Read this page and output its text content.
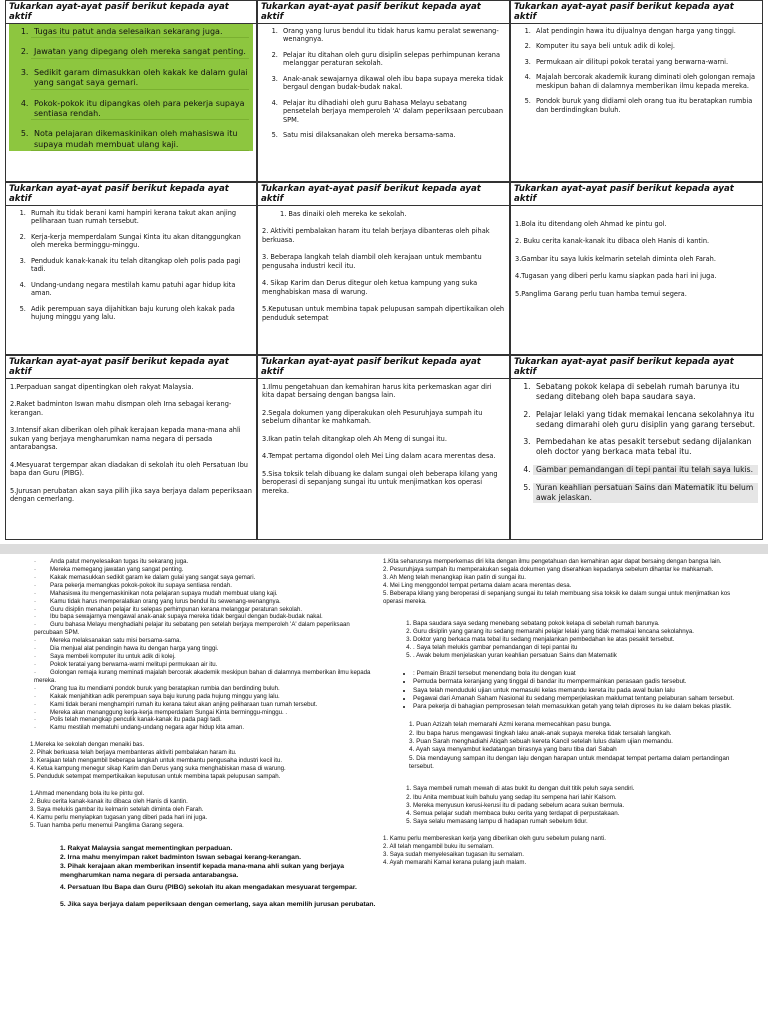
Tukarkan ayat-ayat pasif berikut kepada ayat aktif
1. Tugas itu patut anda selesaikan sekarang juga.
2. Jawatan yang dipegang oleh mereka sangat penting.
3. Sedikit garam dimasukkan oleh kakak ke dalam gulai yang sangat saya gemari.
4. Pokok-pokok itu dipangkas oleh para pekerja supaya sentiasa rendah.
5. Nota pelajaran dikemaskinikan oleh mahasiswa itu supaya mudah membuat ulang kaji.
Tukarkan ayat-ayat pasif berikut kepada ayat aktif
1. Orang yang lurus bendul itu tidak harus kamu peralat sewenang-wenangnya.
2. Pelajar itu ditahan oleh guru disiplin selepas perhimpunan kerana melanggar peraturan sekolah.
3. Anak-anak sewajarnya dikawal oleh ibu bapa supaya mereka tidak bergaul dengan budak-budak nakal.
4. Pelajar itu dihadiahi oleh guru Bahasa Melayu sebatang pensetelah berjaya memperoleh 'A' dalam peperiksaan percubaan SPM.
5. Satu misi dilaksanakan oleh mereka bersama-sama.
Tukarkan ayat-ayat pasif berikut kepada ayat aktif
1. Alat pendingin hawa itu dijualnya dengan harga yang tinggi.
2. Komputer itu saya beli untuk adik di kolej.
3. Permukaan air dilitupi pokok teratai yang berwarna-warni.
4. Majalah bercorak akademik kurang diminati oleh golongan remaja meskipun bahan di dalamnya memberikan ilmu kepada mereka.
5. Pondok buruk yang didiami oleh orang tua itu beratapkan rumbia dan berdindingkan buluh.
Tukarkan ayat-ayat pasif berikut kepada ayat aktif
1. Rumah itu tidak berani kami hampiri kerana takut akan anjing peliharaan tuan rumah tersebut.
2. Kerja-kerja memperdalam Sungai Kinta itu akan ditanggungkan oleh mereka berminggu-minggu.
3. Penduduk kanak-kanak itu telah ditangkap oleh polis pada pagi tadi.
4. Undang-undang negara mestilah kamu patuhi agar hidup kita aman.
5. Adik perempuan saya dijahitkan baju kurung oleh kakak pada hujung minggu yang lalu.
Tukarkan ayat-ayat pasif berikut kepada ayat aktif

1. Bas dinaiki oleh mereka ke sekolah.

2. Aktiviti pembalakan haram itu telah berjaya dibanteras oleh pihak berkuasa.

3. Beberapa langkah telah diambil oleh kerajaan untuk membantu pengusaha industri kecil itu.

4. Sikap Karim dan Derus ditegur oleh ketua kampung yang suka menghabiskan masa di warung.

5.Keputusan untuk membina tapak pelupusan sampah dipertikaikan oleh penduduk setempat

Tukarkan ayat-ayat pasif berikut kepada ayat aktif

1.Bola itu ditendang oleh Ahmad ke pintu gol.

2. Buku cerita kanak-kanak itu dibaca oleh Hanis di kantin.

3.Gambar itu saya lukis kelmarin setelah diminta oleh Farah.

4.Tugasan yang diberi perlu kamu siapkan pada hari ini juga.

5.Panglima Garang perlu tuan hamba temui segera.

Tukarkan ayat-ayat pasif berikut kepada ayat aktif

1.Perpaduan sangat dipentingkan oleh rakyat Malaysia.

2.Raket badminton Iswan mahu dismpan oleh Irna sebagai kerang-kerangan.

3.Intensif akan diberikan oleh pihak kerajaan kepada mana-mana ahli sukan yang berjaya mengharumkan nama negara di persada antarabangsa.

4.Mesyuarat tergempar akan diadakan di sekolah itu oleh Persatuan Ibu bapa dan Guru (PIBG).

5.Jurusan perubatan akan saya pilih jika saya berjaya dalam peperiksaan dengan cemerlang.

Tukarkan ayat-ayat pasif berikut kepada ayat aktif

1.Ilmu pengetahuan dan kemahiran harus kita perkemaskan agar diri kita dapat bersaing dengan bangsa lain.

2.Segala dokumen yang diperakukan oleh Pesuruhjaya sumpah itu sebelum dihantar ke mahkamah.

3.Ikan patin telah ditangkap oleh Ah Meng di sungai itu.

4.Tempat pertama digondol oleh Mei Ling dalam acara merentas desa.

5.Sisa toksik telah dibuang ke dalam sungai oleh beberapa kilang yang beroperasi di sepanjang sungai itu untuk menjimatkan kos operasi mereka.

Tukarkan ayat-ayat pasif berikut kepada ayat aktif
1. Sebatang pokok kelapa di sebelah rumah barunya itu sedang ditebang oleh bapa saudara saya.
2. Pelajar lelaki yang tidak memakai lencana sekolahnya itu sedang dimarahi oleh guru disiplin yang garang tersebut.
3. Pembedahan ke atas pesakit tersebut sedang dijalankan oleh doctor yang berkaca mata tebal itu.
4. Gambar pemandangan di tepi pantai itu telah saya lukis.
5. Yuran keahlian persatuan Sains dan Matematik itu belum awak jelaskan.
· Anda patut menyelesaikan tugas itu sekarang juga.
· Mereka memegang jawatan yang sangat penting.
· Kakak memasukkan sedikit garam ke dalam gulai yang sangat saya gemari.
· Para pekerja memangkas pokok-pokok itu supaya sentiasa rendah.
· Mahasiswa itu mengemaskinikan nota pelajaran supaya mudah membuat ulang kaji.
· Kamu tidak harus memperalatkan orang yang lurus bendul itu sewenang-wenangnya.
· Guru disiplin menahan pelajar itu selepas perhimpunan kerana melanggar peraturan sekolah.
· Ibu bapa sewajarnya mengawal anak-anak supaya mereka tidak bergaul dengan budak-budak nakal.
· Guru bahasa Melayu menghadiahi pelajar itu sebatang pen setelah berjaya memperoleh 'A' dalam peperiksaan percubaan SPM.
· Mereka melaksanakan satu misi bersama-sama.
· Dia menjual alat pendingin hawa itu dengan harga yang tinggi.
· Saya membeli komputer itu untuk adik di kolej.
· Pokok teratai yang berwarna-warni melitupi permukaan air itu.
· Golongan remaja kurang meminati majalah bercorak akademik meskipun bahan di dalamnya memberikan ilmu kepada mereka.
· Orang tua itu mendiami pondok buruk yang beratapkan rumbia dan berdinding buluh.
· Kakak menjahitkan adik perempuan saya baju kurung pada hujung minggu yang lalu.
· Kami tidak berani menghampiri rumah itu kerana takut akan anjing peliharaan tuan rumah tersebut.
· Mereka akan menanggung kerja-kerja memperdalam Sungai Kinta berminggu-minggu. .
· Polis telah menangkap penculik kanak-kanak itu pada pagi tadi.
· Kamu mestilah mematuhi undang-undang negara agar hidup kita aman.

1.Mereka ke sekolah dengan menaiki bas.

2. Pihak berkuasa telah berjaya membanteras aktiviti pembalakan haram itu.

3. Kerajaan telah mengambil beberapa langkah untuk membantu pengusaha industri kecil itu.

4. Ketua kampung menegur sikap Karim dan Derus yang suka menghabiskan masa di warung.

5. Penduduk setempat mempertikaikan keputusan untuk membina tapak pelupusan sampah.

1.Ahmad menendang bola itu ke pintu gol.

2. Buku cerita kanak-kanak itu dibaca oleh Hanis di kantin.

3. Saya melukis gambar itu kelmarin setelah diminta oleh Farah.

4. Kamu perlu menyiapkan tugasan yang diberi pada hari ini juga.

5. Tuan hamba perlu menemui Panglima Garang segera.

1. Rakyat Malaysia sangat mementingkan perpaduan.

2. Irna mahu menyimpan raket badminton Iswan sebagai kerang-kerangan.

3. Pihak kerajaan akan memberikan insentif kepada mana-mana ahli sukan yang berjaya mengharumkan nama negara di persada antarabangsa.

4. Persatuan Ibu Bapa dan Guru (PIBG) sekolah itu akan mengadakan mesyuarat tergempar.

5. Jika saya berjaya dalam peperiksaan dengan cemerlang, saya akan memilih jurusan perubatan.

1.Kita seharusnya memperkemas diri kita dengan ilmu pengetahuan dan kemahiran agar dapat bersaing dengan bangsa lain.

2. Pesuruhjaya sumpah itu memperakukan segala dokumen yang diserahkan kepadanya sebelum dihantar ke mahkamah.

3. Ah Meng telah menangkap ikan patin di sungai itu.

4. Mei Ling menggondol tempat pertama dalam acara merentas desa.

5. Beberapa kilang yang beroperasi di sepanjang sungai itu telah membuang sisa toksik ke dalam sungai untuk menjimatkan kos operasi mereka.

1. Bapa saudara saya sedang menebang sebatang pokok kelapa di sebelah rumah barunya.
2. Guru disiplin yang garang itu sedang memarahi pelajar lelaki yang tidak memakai lencana sekolahnya.
3. Doktor yang berkaca mata tebal itu sedang menjalankan pembedahan ke atas pesakit tersebut.
4. . Saya telah melukis gambar pemandangan di tepi pantai itu
5. . Awak belum menjelaskan yuran keahlian persatuan Sains dan Matematik
• : Pemain Brazil tersebut menendang bola itu dengan kuat
• Pemuda bermata keranjang yang tinggal di bandar itu mempermainkan perasaan gadis tersebut.
• Saya telah menduduki ujian untuk memasuki kelas memandu kereta itu pada awal bulan lalu
• Pegawai dari Amanah Saham Nasional itu sedang memperjelaskan maklumat tentang pelaburan saham tersebut.
• Para pekerja di bahagian pemprosesan telah memasukkan getah yang telah diproses itu ke dalam bekas plastik.

1. Puan Azizah telah memarahi Azmi kerana memecahkan pasu bunga.

2. Ibu bapa harus mengawasi tingkah laku anak-anak supaya mereka tidak tersalah langkah.

3. Puan Sarah menghadiahi Atiqah sebuah kereta Kancil setelah lulus dalam ujian memandu.

4. Ayah saya menyambut kedatangan birasnya yang baru tiba dari Sabah

5. Dia mendayung sampan itu dengan laju dengan harapan untuk mendapat tempat pertama dalam pertandingan tersebut.

1. Saya membeli rumah mewah di atas bukit itu dengan duit titik peluh saya sendiri.
2. Ibu Anita membuat kuih bahulu yang sedap itu sempena hari lahir Kalsom.
3. Mereka menyusun kerusi-kerusi itu di padang sebelum acara sukan bermula.
4. Semua pelajar sudah membaca buku cerita yang terdapat di perpustakaan.
5. Saya selalu memasang lampu di hadapan rumah sebelum tidur.

1. Kamu perlu membereskan kerja yang diberikan oleh guru sebelum pulang nanti.

2. All telah mengambil buku itu semalam.

3. Saya sudah menyelesaikan tugasan itu semalam.

4. Ayah memarahi Kamal kerana pulang jauh malam.
